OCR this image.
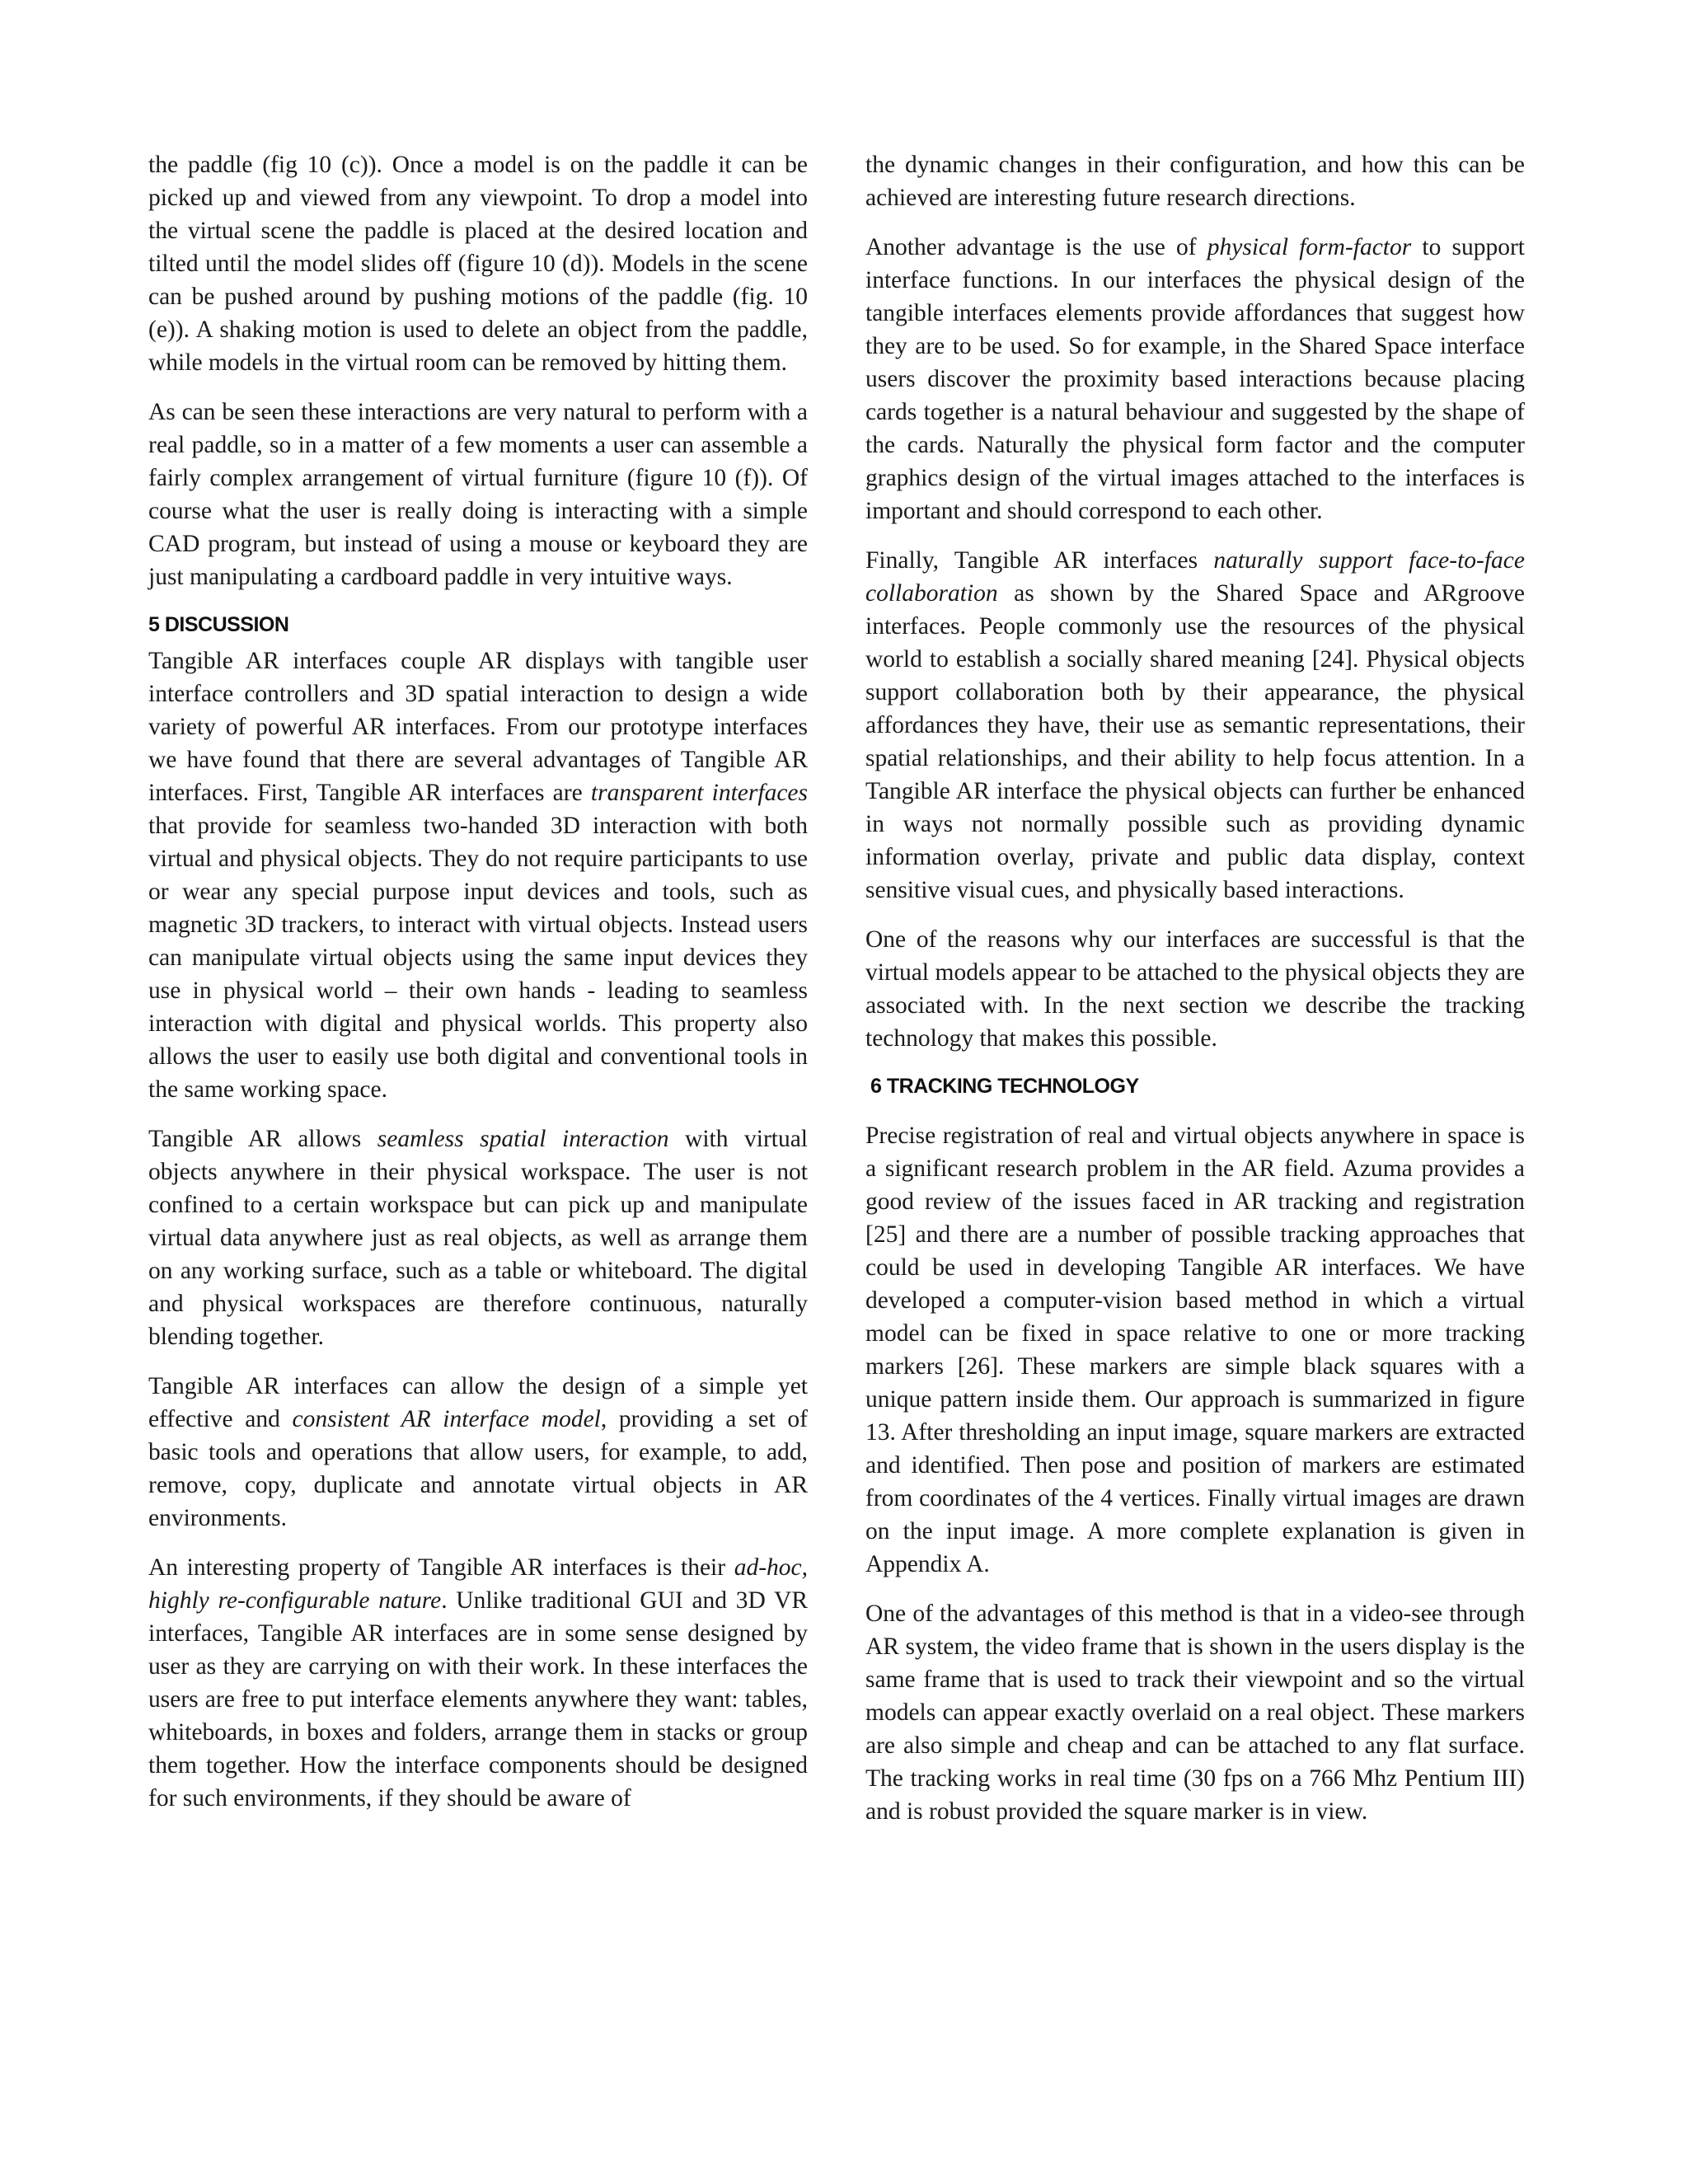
the paddle (fig 10 (c)). Once a model is on the paddle it can be picked up and viewed from any viewpoint. To drop a model into the virtual scene the paddle is placed at the desired location and tilted until the model slides off (figure 10 (d)). Models in the scene can be pushed around by pushing motions of the paddle (fig. 10 (e)). A shaking motion is used to delete an object from the paddle, while models in the virtual room can be removed by hitting them.

As can be seen these interactions are very natural to perform with a real paddle, so in a matter of a few moments a user can assemble a fairly complex arrangement of virtual furniture (figure 10 (f)). Of course what the user is really doing is interacting with a simple CAD program, but instead of using a mouse or keyboard they are just manipulating a cardboard paddle in very intuitive ways.

5 DISCUSSION

Tangible AR interfaces couple AR displays with tangible user interface controllers and 3D spatial interaction to design a wide variety of powerful AR interfaces. From our prototype interfaces we have found that there are several advantages of Tangible AR interfaces. First, Tangible AR interfaces are transparent interfaces that provide for seamless two-handed 3D interaction with both virtual and physical objects. They do not require participants to use or wear any special purpose input devices and tools, such as magnetic 3D trackers, to interact with virtual objects. Instead users can manipulate virtual objects using the same input devices they use in physical world – their own hands - leading to seamless interaction with digital and physical worlds. This property also allows the user to easily use both digital and conventional tools in the same working space.

Tangible AR allows seamless spatial interaction with virtual objects anywhere in their physical workspace. The user is not confined to a certain workspace but can pick up and manipulate virtual data anywhere just as real objects, as well as arrange them on any working surface, such as a table or whiteboard. The digital and physical workspaces are therefore continuous, naturally blending together.

Tangible AR interfaces can allow the design of a simple yet effective and consistent AR interface model, providing a set of basic tools and operations that allow users, for example, to add, remove, copy, duplicate and annotate virtual objects in AR environments.

An interesting property of Tangible AR interfaces is their ad-hoc, highly re-configurable nature. Unlike traditional GUI and 3D VR interfaces, Tangible AR interfaces are in some sense designed by user as they are carrying on with their work. In these interfaces the users are free to put interface elements anywhere they want: tables, whiteboards, in boxes and folders, arrange them in stacks or group them together. How the interface components should be designed for such environments, if they should be aware of

the dynamic changes in their configuration, and how this can be achieved are interesting future research directions.

Another advantage is the use of physical form-factor to support interface functions. In our interfaces the physical design of the tangible interfaces elements provide affordances that suggest how they are to be used. So for example, in the Shared Space interface users discover the proximity based interactions because placing cards together is a natural behaviour and suggested by the shape of the cards. Naturally the physical form factor and the computer graphics design of the virtual images attached to the interfaces is important and should correspond to each other.

Finally, Tangible AR interfaces naturally support face-to-face collaboration as shown by the Shared Space and ARgroove interfaces. People commonly use the resources of the physical world to establish a socially shared meaning [24]. Physical objects support collaboration both by their appearance, the physical affordances they have, their use as semantic representations, their spatial relationships, and their ability to help focus attention. In a Tangible AR interface the physical objects can further be enhanced in ways not normally possible such as providing dynamic information overlay, private and public data display, context sensitive visual cues, and physically based interactions.

One of the reasons why our interfaces are successful is that the virtual models appear to be attached to the physical objects they are associated with. In the next section we describe the tracking technology that makes this possible.

6 TRACKING TECHNOLOGY

Precise registration of real and virtual objects anywhere in space is a significant research problem in the AR field. Azuma provides a good review of the issues faced in AR tracking and registration [25] and there are a number of possible tracking approaches that could be used in developing Tangible AR interfaces. We have developed a computer-vision based method in which a virtual model can be fixed in space relative to one or more tracking markers [26]. These markers are simple black squares with a unique pattern inside them. Our approach is summarized in figure 13. After thresholding an input image, square markers are extracted and identified. Then pose and position of markers are estimated from coordinates of the 4 vertices. Finally virtual images are drawn on the input image. A more complete explanation is given in Appendix A.

One of the advantages of this method is that in a video-see through AR system, the video frame that is shown in the users display is the same frame that is used to track their viewpoint and so the virtual models can appear exactly overlaid on a real object. These markers are also simple and cheap and can be attached to any flat surface. The tracking works in real time (30 fps on a 766 Mhz Pentium III) and is robust provided the square marker is in view.
